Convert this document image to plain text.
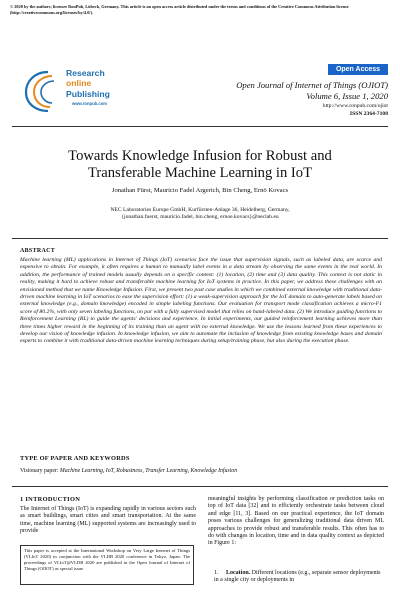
© 2020 by the authors; licensee RonPub, Lübeck, Germany. This article is an open access article distributed under the terms and conditions of the Creative Commons Attribution license (http://creativecommons.org/licenses/by/4.0/).
Research
online
Publishing
www.ronpub.com
Open Access
Open Journal of Internet of Things (OJIOT)
Volume 6, Issue 1, 2020
http://www.ronpub.com/ojiot
ISSN 2364-7108
Towards Knowledge Infusion for Robust and
Transferable Machine Learning in IoT
Jonathan Fürst, Mauricio Fadel Argerich, Bin Cheng, Ernö Kovacs
NEC Laboratories Europe GmbH, Kurfürsten-Anlage 36, Heidelberg, Germany,
{jonathan.fuerst, mauricio.fadel, bin.cheng, ernoe.kovacs}@neclab.eu
ABSTRACT
Machine learning (ML) applications in Internet of Things (IoT) scenarios face the issue that supervision signals, such as labeled data, are scarce and expensive to obtain. For example, it often requires a human to manually label events in a data stream by observing the same events in the real world. In addition, the performance of trained models usually depends on a specific context: (1) location, (2) time and (3) data quality. This context is not static in reality, making it hard to achieve robust and transferable machine learning for IoT systems in practice. In this paper, we address these challenges with an envisioned method that we name Knowledge Infusion. First, we present two past case studies in which we combined external knowledge with traditional data-driven machine learning in IoT scenarios to ease the supervision effort: (1) a weak-supervision approach for the IoT domain to auto-generate labels based on external knowledge (e.g., domain knowledge) encoded in simple labeling functions. Our evaluation for transport mode classification achieves a micro-F1 score of 80.2%, with only seven labeling functions, on par with a fully supervised model that relies on hand-labeled data. (2) We introduce guiding functions to Reinforcement Learning (RL) to guide the agents' decisions and experience. In initial experiments, our guided reinforcement learning achieves more than three times higher reward in the beginning of its training than an agent with no external knowledge. We use the lessons learned from these experiences to develop our vision of knowledge infusion. In knowledge infusion, we aim to automate the inclusion of knowledge from existing knowledge bases and domain experts to combine it with traditional data-driven machine learning techniques during setup/training phase, but also during the execution phase.
TYPE OF PAPER AND KEYWORDS
Visionary paper: Machine Learning, IoT, Robustness, Transfer Learning, Knowledge Infusion
1 INTRODUCTION
The Internet of Things (IoT) is expanding rapidly in various sectors such as smart buildings, smart cities and smart transportation. At the same time, machine learning (ML) supported systems are increasingly used to provide
This paper is accepted at the International Workshop on Very Large Internet of Things (VLIoT 2020) in conjunction with the VLDB 2020 conference in Tokyo, Japan. The proceedings of VLIoT@VLDB 2020 are published in the Open Journal of Internet of Things (OJIOT) as special issue.
meaningful insights by performing classification or prediction tasks on top of IoT data [32] and to efficiently orchestrate tasks between cloud and edge [11, 3]. Based on our practical experience, the IoT domain poses various challenges for generalizing traditional data driven ML approaches to provide robust and transferable results. This often has to do with changes in location, time and in data quality context as depicted in Figure 1:
1. Location. Different locations (e.g., separate sensor deployments in a single city or deployments in
